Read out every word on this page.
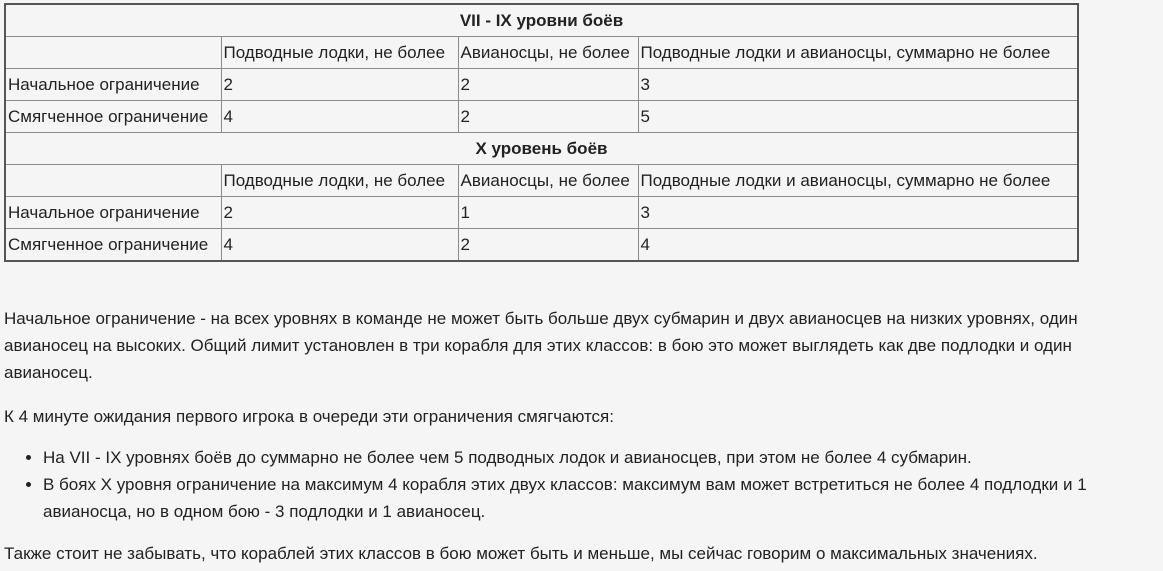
VII - IX уровни боёв			
	Подводные лодки, не более	Авианосцы, не более	Подводные лодки и авианосцы, суммарно не более
Начальное ограничение	2	2	3
Смягченное ограничение	4	2	5
X уровень боёв			
	Подводные лодки, не более	Авианосцы, не более	Подводные лодки и авианосцы, суммарно не более
Начальное ограничение	2	1	3
Смягченное ограничение	4	2	4

Начальное ограничение - на всех уровнях в команде не может быть больше двух субмарин и двух авианосцев на низких уровнях, один авианосец на высоких. Общий лимит установлен в три корабля для этих классов: в бою это может выглядеть как две подлодки и один авианосец.

К 4 минуте ожидания первого игрока в очереди эти ограничения смягчаются:

• На VII - IX уровнях боёв до суммарно не более чем 5 подводных лодок и авианосцев, при этом не более 4 субмарин.
• В боях X уровня ограничение на максимум 4 корабля этих двух классов: максимум вам может встретиться не более 4 подлодки и 1 авианосца, но в одном бою - 3 подлодки и 1 авианосец.

Также стоит не забывать, что кораблей этих классов в бою может быть и меньше, мы сейчас говорим о максимальных значениях.
